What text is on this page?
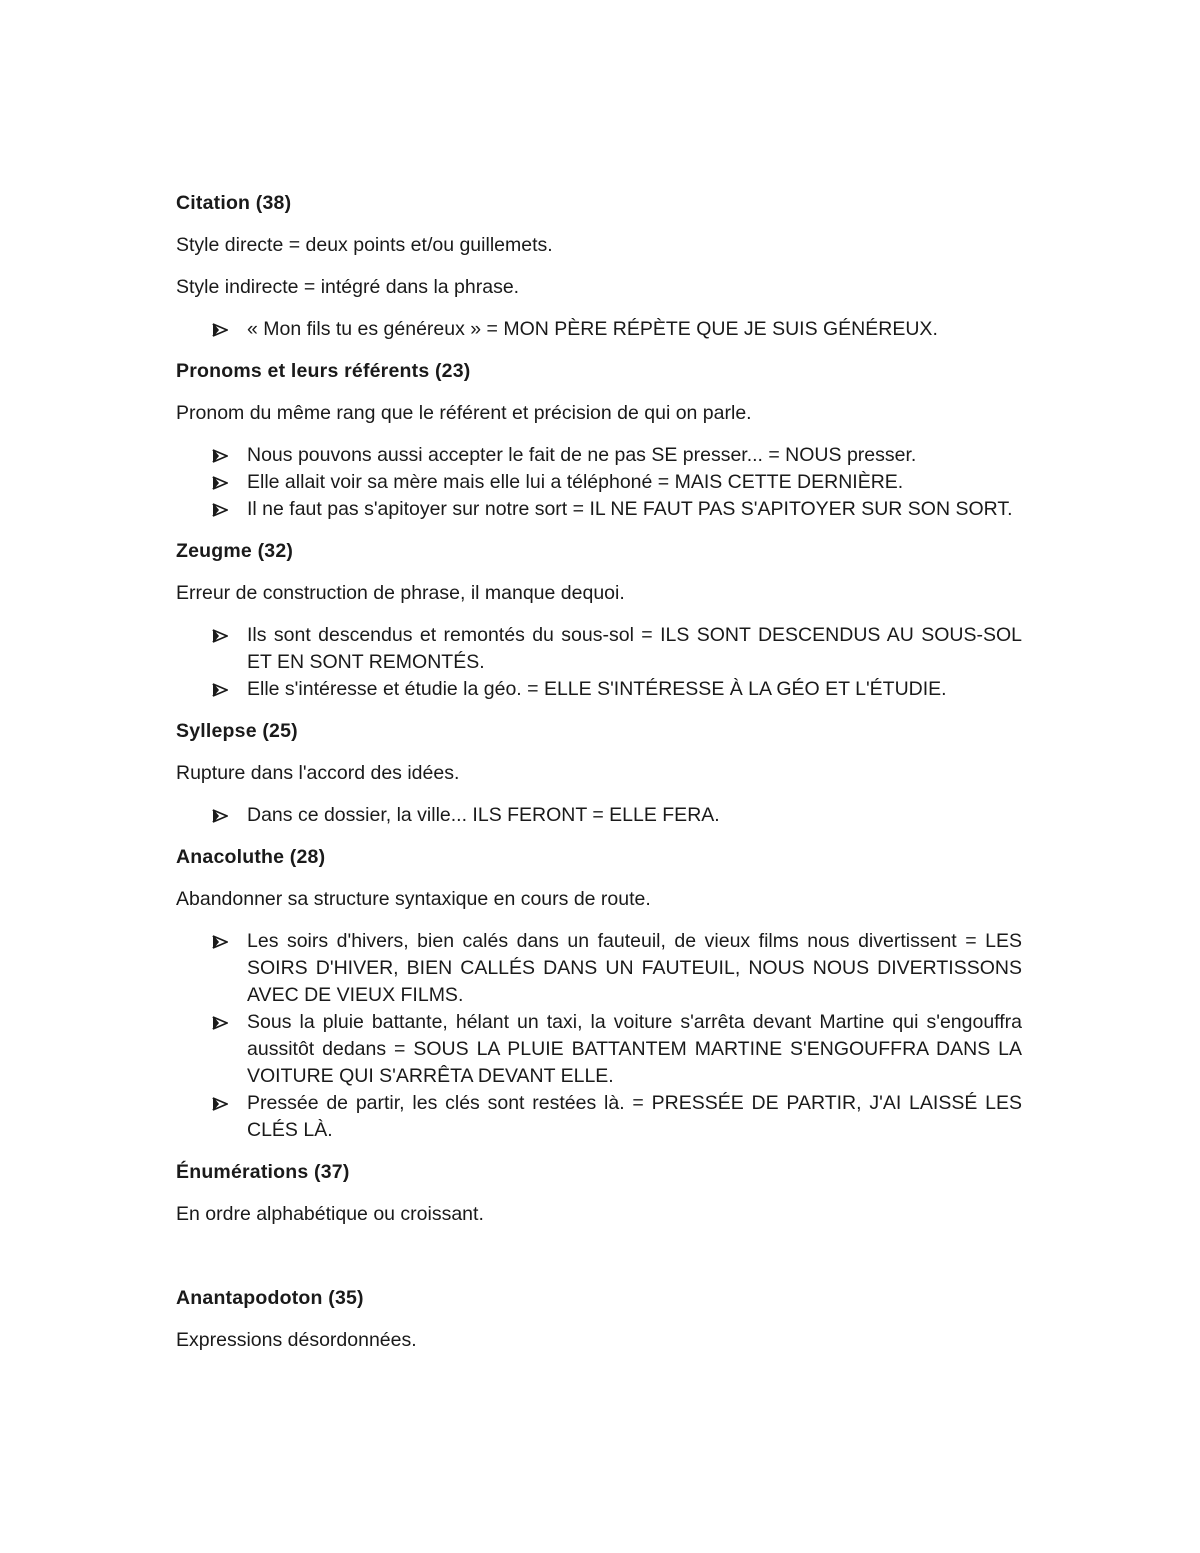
Citation (38)
Style directe = deux points et/ou guillemets.
Style indirecte = intégré dans la phrase.
« Mon fils tu es généreux » = MON PÈRE RÉPÈTE QUE JE SUIS GÉNÉREUX.
Pronoms et leurs référents (23)
Pronom du même rang que le référent et précision de qui on parle.
Nous pouvons aussi accepter le fait de ne pas SE presser... = NOUS presser.
Elle allait voir sa mère mais elle lui a téléphoné = MAIS CETTE DERNIÈRE.
Il ne faut pas s'apitoyer sur notre sort = IL NE FAUT PAS S'APITOYER SUR SON SORT.
Zeugme (32)
Erreur de construction de phrase, il manque dequoi.
Ils sont descendus et remontés du sous-sol = ILS SONT DESCENDUS AU SOUS-SOL ET EN SONT REMONTÉS.
Elle s'intéresse et étudie la géo. = ELLE S'INTÉRESSE À LA GÉO ET L'ÉTUDIE.
Syllepse (25)
Rupture dans l'accord des idées.
Dans ce dossier, la ville... ILS FERONT = ELLE FERA.
Anacoluthe (28)
Abandonner sa structure syntaxique en cours de route.
Les soirs d'hivers, bien calés dans un fauteuil, de vieux films nous divertissent = LES SOIRS D'HIVER, BIEN CALLÉS DANS UN FAUTEUIL, NOUS NOUS DIVERTISSONS AVEC DE VIEUX FILMS.
Sous la pluie battante, hélant un taxi, la voiture s'arrêta devant Martine qui s'engouffra aussitôt dedans = SOUS LA PLUIE BATTANTEM MARTINE S'ENGOUFFRA DANS LA VOITURE QUI S'ARRÊTA DEVANT ELLE.
Pressée de partir, les clés sont restées là. = PRESSÉE DE PARTIR, J'AI LAISSÉ LES CLÉS LÀ.
Énumérations (37)
En ordre alphabétique ou croissant.
Anantapodoton (35)
Expressions désordonnées.
